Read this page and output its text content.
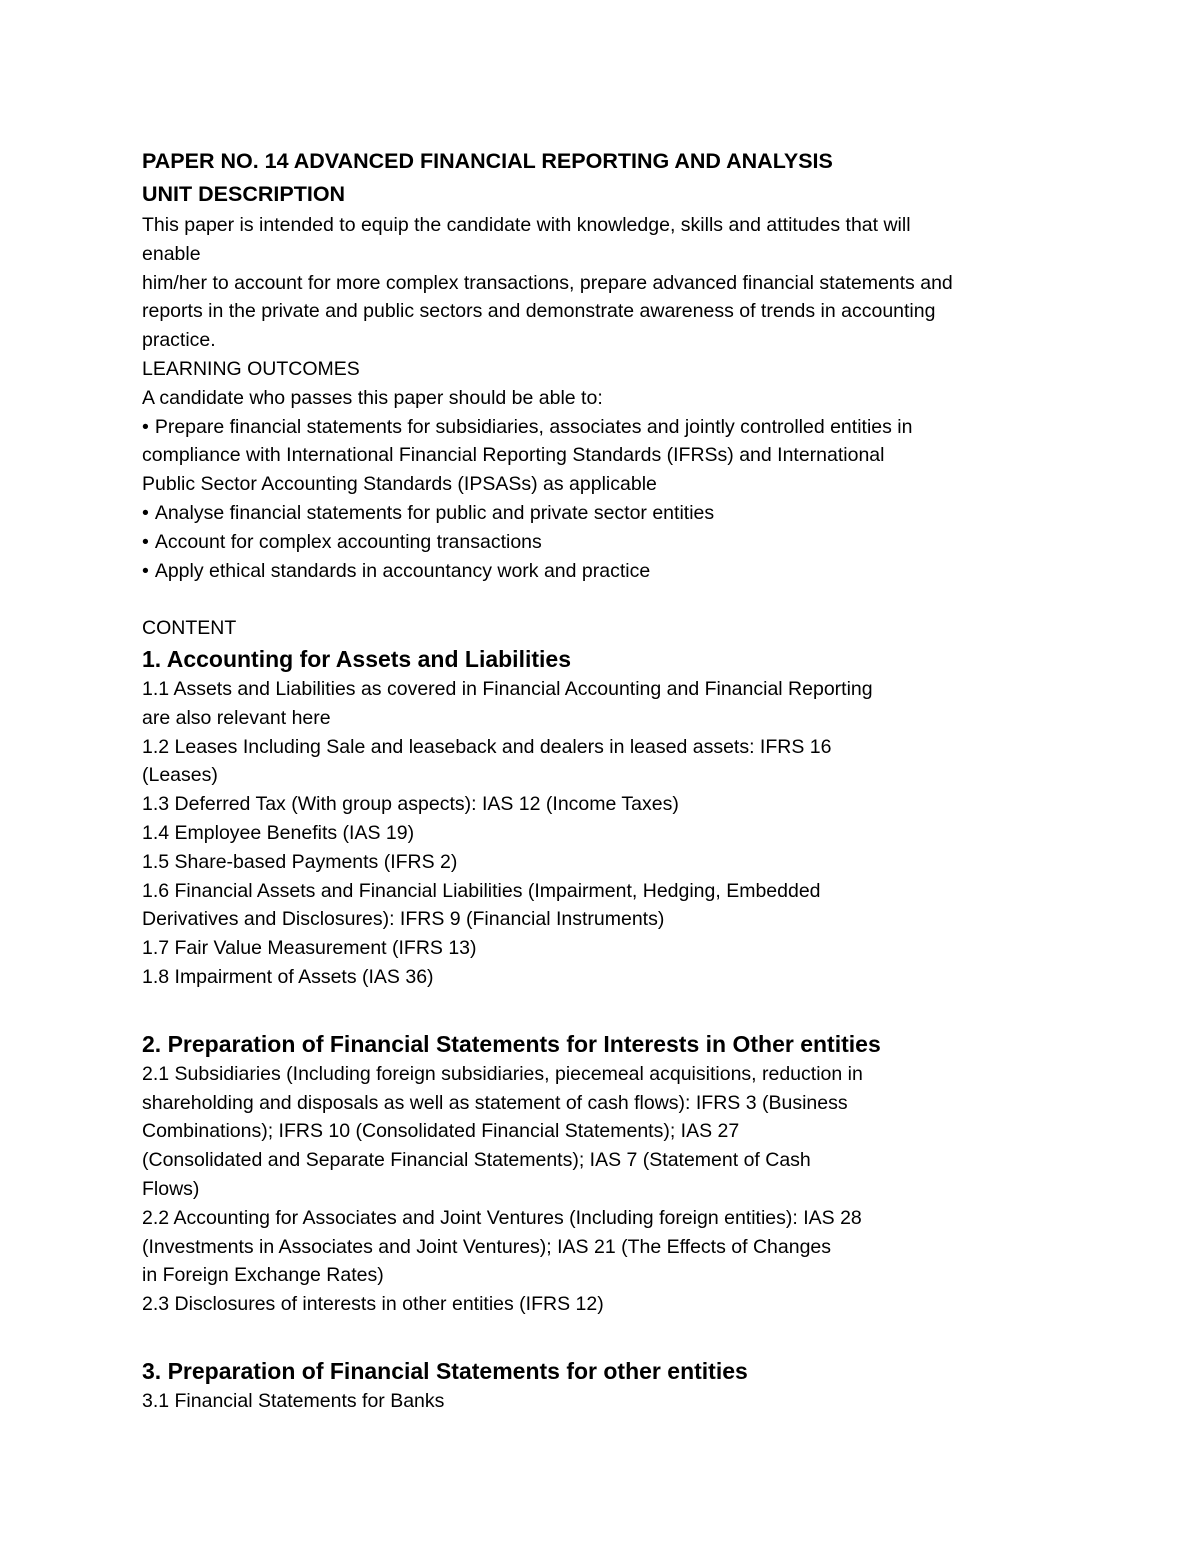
PAPER NO. 14 ADVANCED FINANCIAL REPORTING AND ANALYSIS

UNIT DESCRIPTION

This paper is intended to equip the candidate with knowledge, skills and attitudes that will

enable

him/her to account for more complex transactions, prepare advanced financial statements and

reports in the private and public sectors and demonstrate awareness of trends in accounting

practice.

LEARNING OUTCOMES

A candidate who passes this paper should be able to:

• Prepare financial statements for subsidiaries, associates and jointly controlled entities in

compliance with International Financial Reporting Standards (IFRSs) and International

Public Sector Accounting Standards (IPSASs) as applicable

• Analyse financial statements for public and private sector entities

• Account for complex accounting transactions

• Apply ethical standards in accountancy work and practice

CONTENT

1. Accounting for Assets and Liabilities

1.1 Assets and Liabilities as covered in Financial Accounting and Financial Reporting

are also relevant here

1.2 Leases Including Sale and leaseback and dealers in leased assets: IFRS 16

(Leases)

1.3 Deferred Tax (With group aspects): IAS 12 (Income Taxes)

1.4 Employee Benefits (IAS 19)

1.5 Share-based Payments (IFRS 2)

1.6 Financial Assets and Financial Liabilities (Impairment, Hedging, Embedded

Derivatives and Disclosures): IFRS 9 (Financial Instruments)

1.7 Fair Value Measurement (IFRS 13)

1.8 Impairment of Assets (IAS 36)

2. Preparation of Financial Statements for Interests in Other entities

2.1 Subsidiaries (Including foreign subsidiaries, piecemeal acquisitions, reduction in

shareholding and disposals as well as statement of cash flows): IFRS 3 (Business

Combinations); IFRS 10 (Consolidated Financial Statements); IAS 27

(Consolidated and Separate Financial Statements); IAS 7 (Statement of Cash

Flows)

2.2 Accounting for Associates and Joint Ventures (Including foreign entities): IAS 28

(Investments in Associates and Joint Ventures); IAS 21 (The Effects of Changes

in Foreign Exchange Rates)

2.3 Disclosures of interests in other entities (IFRS 12)

3. Preparation of Financial Statements for other entities

3.1 Financial Statements for Banks
